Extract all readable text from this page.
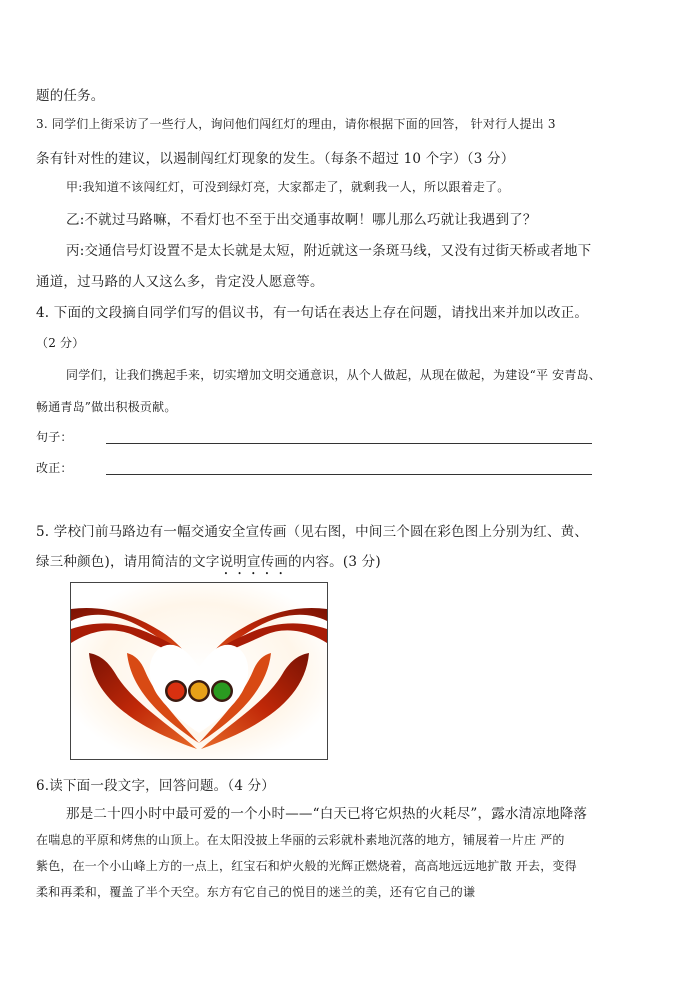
题的任务。
3. 同学们上街采访了一些行人，询问他们闯红灯的理由，请你根据下面的回答， 针对行人提出 3
条有针对性的建议，以遏制闯红灯现象的发生。（每条不超过 10 个字）（3 分）
甲:我知道不该闯红灯，可没到绿灯亮，大家都走了，就剩我一人，所以跟着走了。
乙:不就过马路嘛，不看灯也不至于出交通事故啊！哪儿那么巧就让我遇到了？
丙:交通信号灯设置不是太长就是太短，附近就这一条斑马线，又没有过街天桥或者地下
通道，过马路的人又这么多，肯定没人愿意等。
4. 下面的文段摘自同学们写的倡议书，有一句话在表达上存在问题，请找出来并加以改正。
（2 分）
同学们，让我们携起手来，切实增加文明交通意识，从个人做起，从现在做起，为建设“平 安青岛、
畅通青岛”做出积极贡献。
句子：
改正：
5. 学校门前马路边有一幅交通安全宣传画（见右图，中间三个圆在彩色图上分别为红、黄、
绿三种颜色)，请用简洁的文字说明宣传画的内容。(3 分)
6.读下面一段文字，回答问题。（4 分）
那是二十四小时中最可爱的一个小时——“白天已将它炽热的火耗尽”，露水清凉地降落
在喘息的平原和烤焦的山顶上。在太阳没披上华丽的云彩就朴素地沉落的地方，铺展着一片庄 严的
紫色，在一个小山峰上方的一点上，红宝石和炉火般的光辉正燃烧着，高高地远远地扩散 开去，变得
柔和再柔和，覆盖了半个天空。东方有它自己的悦目的迷兰的美，还有它自己的谦
